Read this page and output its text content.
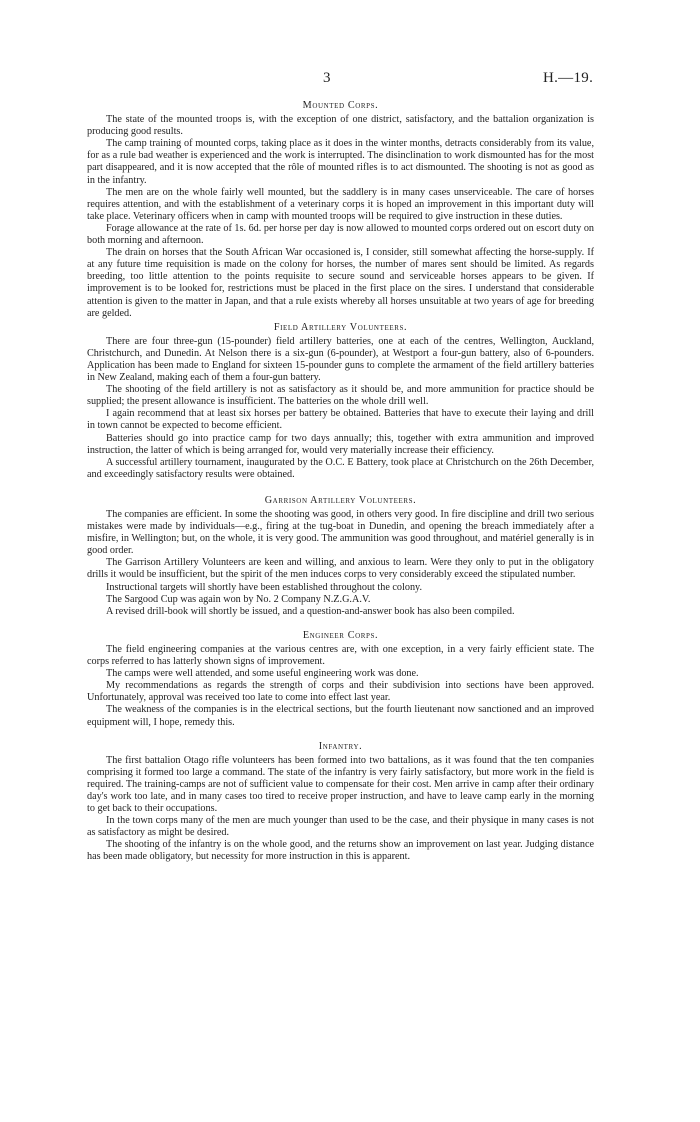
3	H.—19.
Mounted Corps.

The state of the mounted troops is, with the exception of one district, satisfactory, and the battalion organization is producing good results.

The camp training of mounted corps, taking place as it does in the winter months, detracts considerably from its value, for as a rule bad weather is experienced and the work is interrupted. The disinclination to work dismounted has for the most part disappeared, and it is now accepted that the rôle of mounted rifles is to act dismounted. The shooting is not as good as in the infantry.

The men are on the whole fairly well mounted, but the saddlery is in many cases unserviceable. The care of horses requires attention, and with the establishment of a veterinary corps it is hoped an improvement in this important duty will take place. Veterinary officers when in camp with mounted troops will be required to give instruction in these duties.

Forage allowance at the rate of 1s. 6d. per horse per day is now allowed to mounted corps ordered out on escort duty on both morning and afternoon.

The drain on horses that the South African War occasioned is, I consider, still somewhat affecting the horse-supply. If at any future time requisition is made on the colony for horses, the number of mares sent should be limited. As regards breeding, too little attention to the points requisite to secure sound and serviceable horses appears to be given. If improvement is to be looked for, restrictions must be placed in the first place on the sires. I understand that considerable attention is given to the matter in Japan, and that a rule exists whereby all horses unsuitable at two years of age for breeding are gelded.

Field Artillery Volunteers.

There are four three-gun (15-pounder) field artillery batteries, one at each of the centres, Wellington, Auckland, Christchurch, and Dunedin. At Nelson there is a six-gun (6-pounder), at Westport a four-gun battery, also of 6-pounders. Application has been made to England for sixteen 15-pounder guns to complete the armament of the field artillery batteries in New Zealand, making each of them a four-gun battery.

The shooting of the field artillery is not as satisfactory as it should be, and more ammunition for practice should be supplied; the present allowance is insufficient. The batteries on the whole drill well.

I again recommend that at least six horses per battery be obtained. Batteries that have to execute their laying and drill in town cannot be expected to become efficient.

Batteries should go into practice camp for two days annually; this, together with extra ammunition and improved instruction, the latter of which is being arranged for, would very materially increase their efficiency.

A successful artillery tournament, inaugurated by the O.C. E Battery, took place at Christchurch on the 26th December, and exceedingly satisfactory results were obtained.

Garrison Artillery Volunteers.

The companies are efficient. In some the shooting was good, in others very good. In fire discipline and drill two serious mistakes were made by individuals—e.g., firing at the tug-boat in Dunedin, and opening the breach immediately after a misfire, in Wellington; but, on the whole, it is very good. The ammunition was good throughout, and matériel generally is in good order.

The Garrison Artillery Volunteers are keen and willing, and anxious to learn. Were they only to put in the obligatory drills it would be insufficient, but the spirit of the men induces corps to very considerably exceed the stipulated number.

Instructional targets will shortly have been established throughout the colony.

The Sargood Cup was again won by No. 2 Company N.Z.G.A.V.

A revised drill-book will shortly be issued, and a question-and-answer book has also been compiled.

Engineer Corps.

The field engineering companies at the various centres are, with one exception, in a very fairly efficient state. The corps referred to has latterly shown signs of improvement.

The camps were well attended, and some useful engineering work was done.

My recommendations as regards the strength of corps and their subdivision into sections have been approved. Unfortunately, approval was received too late to come into effect last year.

The weakness of the companies is in the electrical sections, but the fourth lieutenant now sanctioned and an improved equipment will, I hope, remedy this.

Infantry.

The first battalion Otago rifle volunteers has been formed into two battalions, as it was found that the ten companies comprising it formed too large a command. The state of the infantry is very fairly satisfactory, but more work in the field is required. The training-camps are not of sufficient value to compensate for their cost. Men arrive in camp after their ordinary day's work too late, and in many cases too tired to receive proper instruction, and have to leave camp early in the morning to get back to their occupations.

In the town corps many of the men are much younger than used to be the case, and their physique in many cases is not as satisfactory as might be desired.

The shooting of the infantry is on the whole good, and the returns show an improvement on last year. Judging distance has been made obligatory, but necessity for more instruction in this is apparent.
